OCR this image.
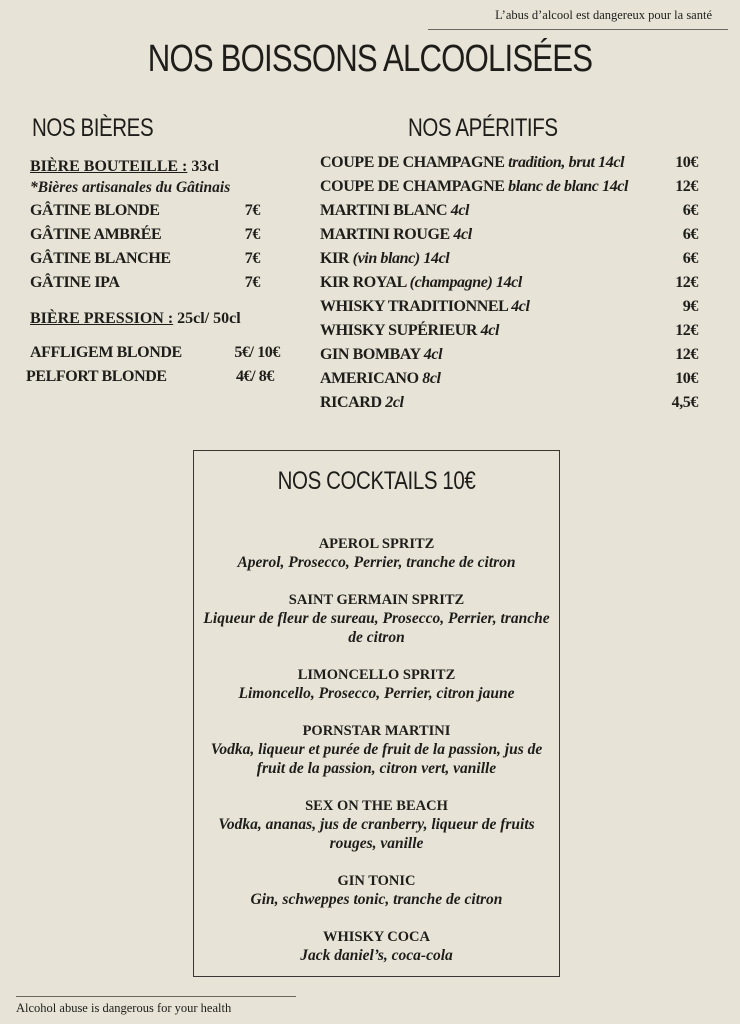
L’abus d’alcool est dangereux pour la santé
NOS BOISSONS ALCOOLISÉES
NOS BIÈRES
BIÈRE BOUTEILLE : 33cl
*Bières artisanales du Gâtinais
GÂTINE BLONDE	7€
GÂTINE AMBRÉE	7€
GÂTINE BLANCHE	7€
GÂTINE IPA	7€
BIÈRE PRESSION : 25cl/ 50cl
AFFLIGEM BLONDE	5€/ 10€
PELFORT BLONDE	4€/ 8€
NOS APÉRITIFS
COUPE DE CHAMPAGNE tradition, brut 14cl	10€
COUPE DE CHAMPAGNE blanc de blanc 14cl	12€
MARTINI BLANC 4cl	6€
MARTINI ROUGE 4cl	6€
KIR (vin blanc) 14cl	6€
KIR ROYAL (champagne) 14cl	12€
WHISKY TRADITIONNEL 4cl	9€
WHISKY SUPÉRIEUR 4cl	12€
GIN BOMBAY 4cl	12€
AMERICANO 8cl	10€
RICARD 2cl	4,5€
NOS COCKTAILS 10€
APEROL SPRITZ
Aperol, Prosecco, Perrier, tranche de citron
SAINT GERMAIN SPRITZ
Liqueur de fleur de sureau, Prosecco, Perrier, tranche de citron
LIMONCELLO SPRITZ
Limoncello, Prosecco, Perrier, citron jaune
PORNSTAR MARTINI
Vodka, liqueur et purée de fruit de la passion, jus de fruit de la passion, citron vert, vanille
SEX ON THE BEACH
Vodka, ananas, jus de cranberry, liqueur de fruits rouges, vanille
GIN TONIC
Gin, schweppes tonic, tranche de citron
WHISKY COCA
Jack daniel’s, coca-cola
Alcohol abuse is dangerous for your health
